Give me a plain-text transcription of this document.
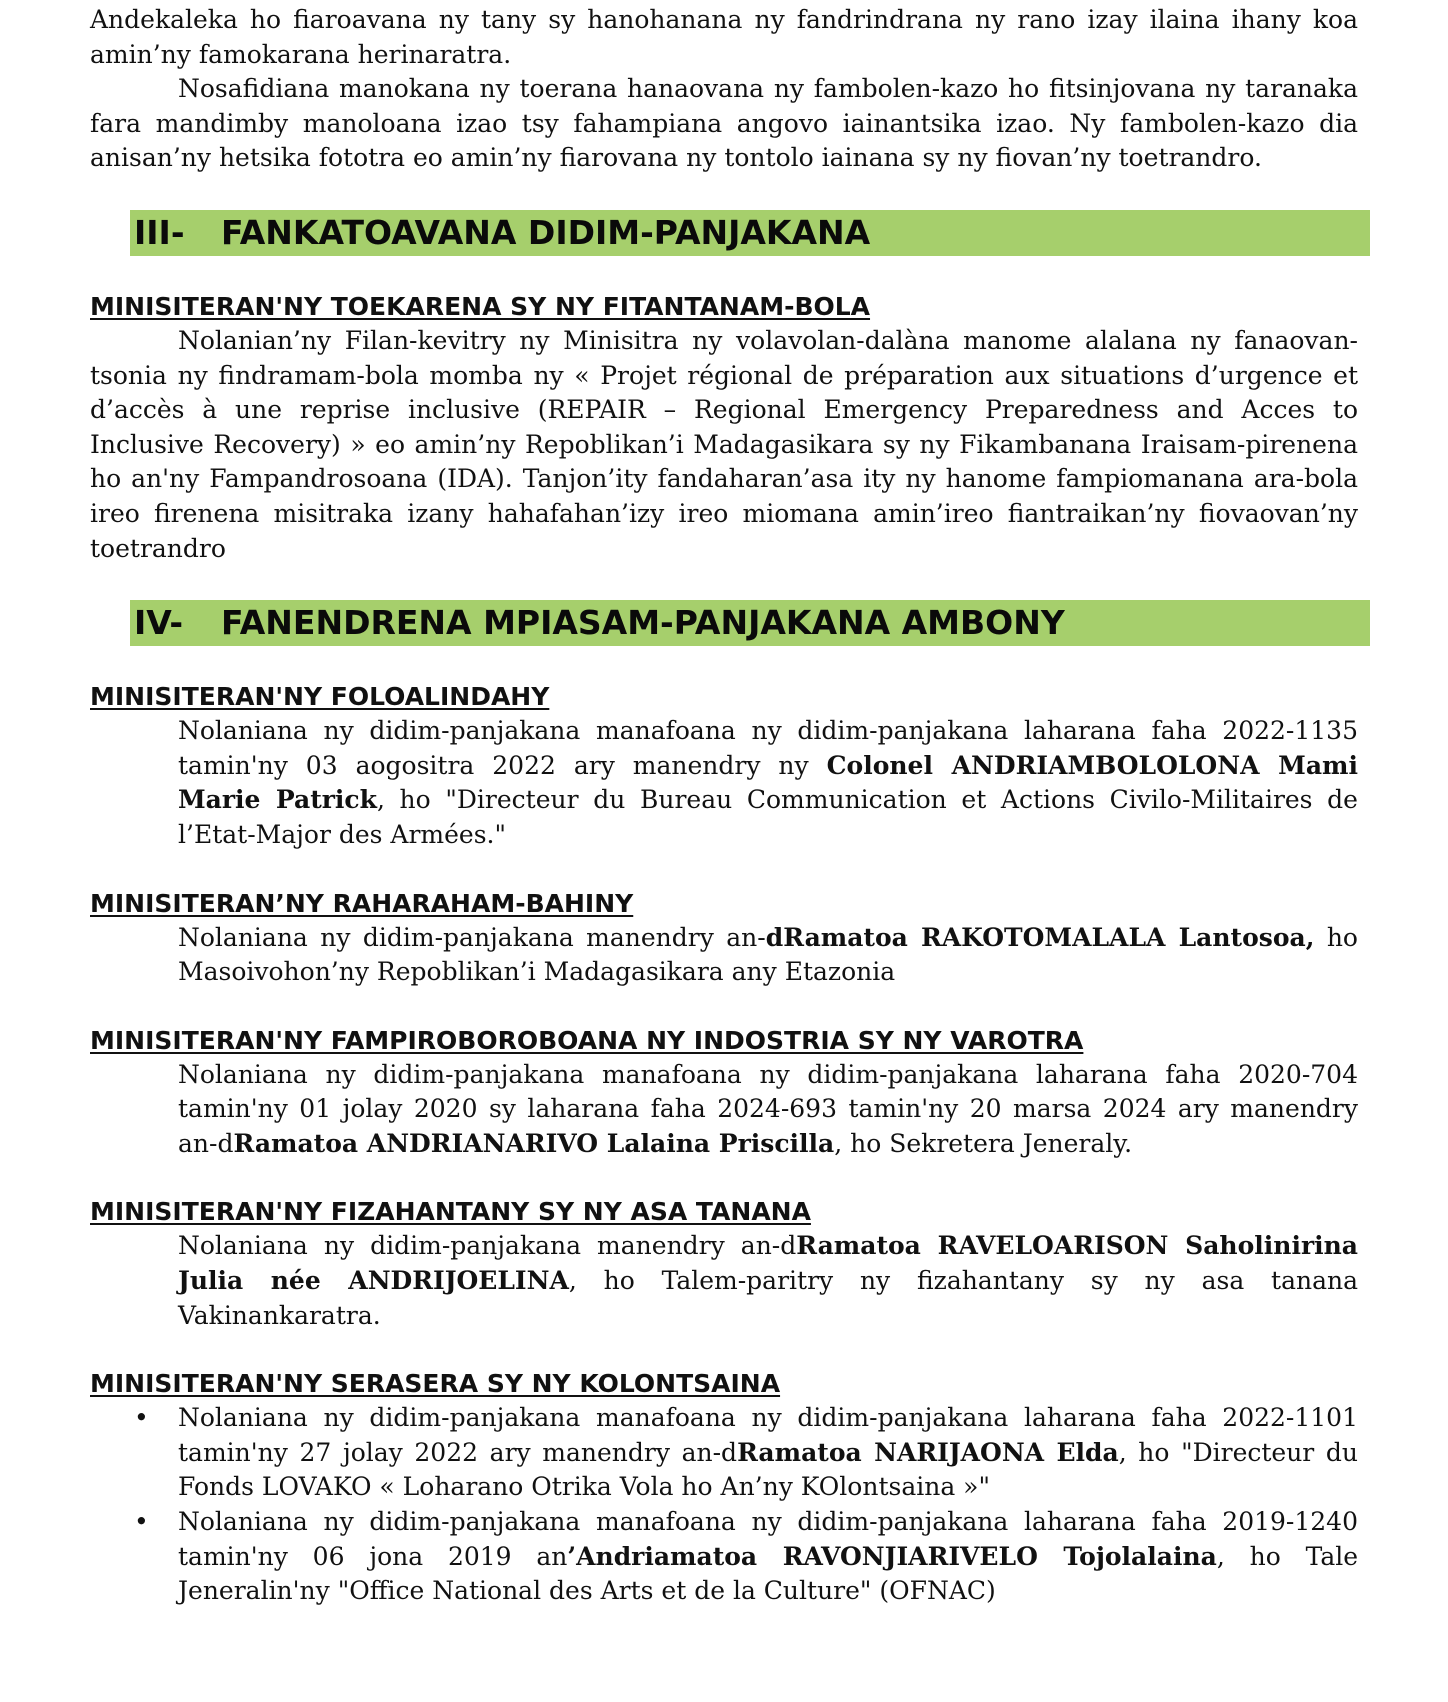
Andekaleka ho fiaroavana ny tany sy hanohanana ny fandrindrana ny rano izay ilaina ihany koa amin’ny famokarana herinaratra.

Nosafidiana manokana ny toerana hanaovana ny fambolen-kazo ho fitsinjovana ny taranaka fara mandimby manoloana izao tsy fahampiana angovo iainantsika izao. Ny fambolen-kazo dia anisan’ny hetsika fototra eo amin’ny fiarovana ny tontolo iainana sy ny fiovan’ny toetrandro.

III- FANKATOAVANA DIDIM-PANJAKANA
MINISITERAN'NY TOEKARENA SY NY FITANTANAM-BOLA

Nolanian’ny Filan-kevitry ny Minisitra ny volavolan-dalàna manome alalana ny fanaovan-tsonia ny findramam-bola momba ny « Projet régional de préparation aux situations d’urgence et d’accès à une reprise inclusive (REPAIR – Regional Emergency Preparedness and Acces to Inclusive Recovery) » eo amin’ny Repoblikan’i Madagasikara sy ny Fikambanana Iraisam-pirenena ho an'ny Fampandrosoana (IDA). Tanjon’ity fandaharan’asa ity ny hanome fampiomanana ara-bola ireo firenena misitraka izany hahafahan’izy ireo miomana amin’ireo fiantraikan’ny fiovaovan’ny toetrandro

IV- FANENDRENA MPIASAM-PANJAKANA AMBONY
MINISITERAN'NY FOLOALINDAHY

Nolaniana ny didim-panjakana manafoana ny didim-panjakana laharana faha 2022-1135 tamin'ny 03 aogositra 2022 ary manendry ny Colonel ANDRIAMBOLOLONA Mami Marie Patrick, ho "Directeur du Bureau Communication et Actions Civilo-Militaires de l’Etat-Major des Armées."

MINISITERAN’NY RAHARAHAM-BAHINY

Nolaniana ny didim-panjakana manendry an-dRamatoa RAKOTOMALALA Lantosoa, ho Masoivohon’ny Repoblikan’i Madagasikara any Etazonia

MINISITERAN'NY FAMPIROBOROBOANA NY INDOSTRIA SY NY VAROTRA

Nolaniana ny didim-panjakana manafoana ny didim-panjakana laharana faha 2020-704 tamin'ny 01 jolay 2020 sy laharana faha 2024-693 tamin'ny 20 marsa 2024 ary manendry an-dRamatoa ANDRIANARIVO Lalaina Priscilla, ho Sekretera Jeneraly.

MINISITERAN'NY FIZAHANTANY SY NY ASA TANANA

Nolaniana ny didim-panjakana manendry an-dRamatoa RAVELOARISON Saholinirina Julia née ANDRIJOELINA, ho Talem-paritry ny fizahantany sy ny asa tanana Vakinankaratra.

MINISITERAN'NY SERASERA SY NY KOLONTSAINA
• Nolaniana ny didim-panjakana manafoana ny didim-panjakana laharana faha 2022-1101 tamin'ny 27 jolay 2022 ary manendry an-dRamatoa NARIJAONA Elda, ho "Directeur du Fonds LOVAKO « Loharano Otrika Vola ho An’ny KOlontsaina »"
• Nolaniana ny didim-panjakana manafoana ny didim-panjakana laharana faha 2019-1240 tamin'ny 06 jona 2019 an’Andriamatoa RAVONJIARIVELO Tojolalaina, ho Tale Jeneralin'ny "Office National des Arts et de la Culture" (OFNAC)
